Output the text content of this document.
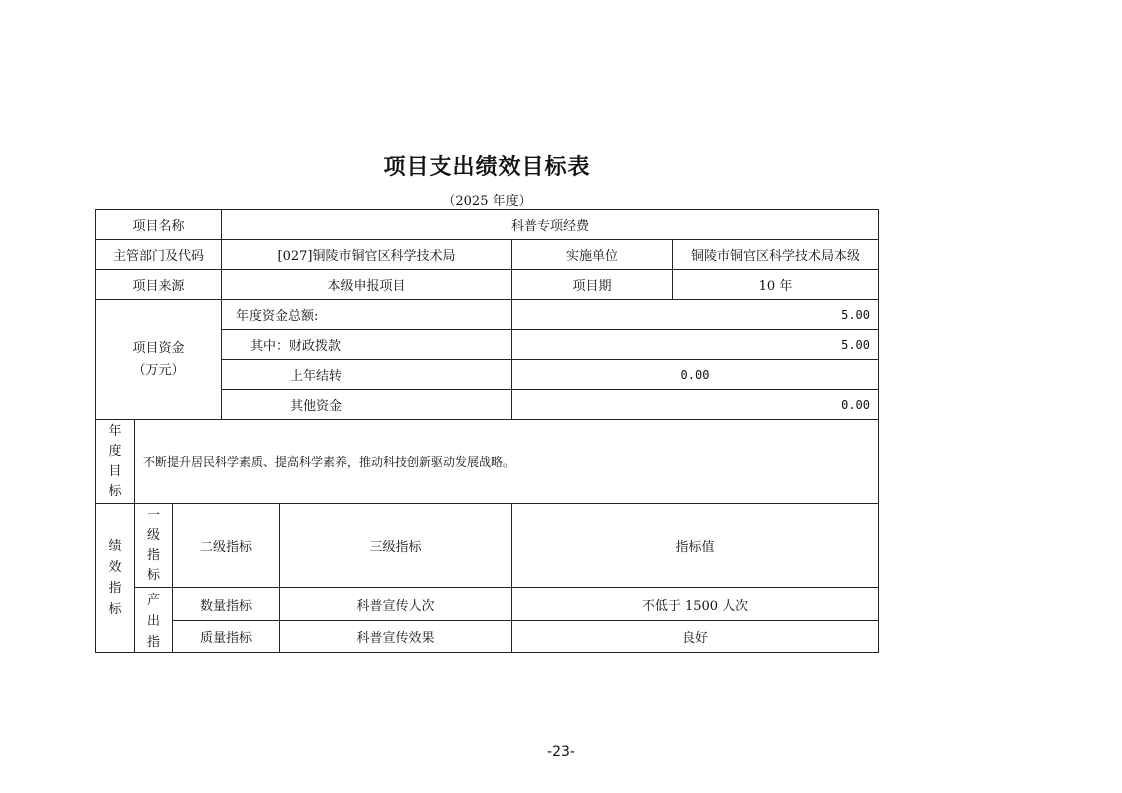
项目支出绩效目标表
（2025 年度）
项目名称	科普专项经费
主管部门及代码	[027]铜陵市铜官区科学技术局	实施单位	铜陵市铜官区科学技术局本级
项目来源	本级申报项目	项目期	10 年
项目资金
（万元）
年度资金总额:	5.00
其中：财政拨款	5.00
上年结转	0.00
其他资金	0.00
年
度
目
标
不断提升居民科学素质、提高科学素养，推动科技创新驱动发展战略。
绩
效
指
标
一
级
指
标
二级指标	三级指标	指标值
产
出
指
数量指标	科普宣传人次	不低于 1500 人次
质量指标	科普宣传效果	良好
-23-
